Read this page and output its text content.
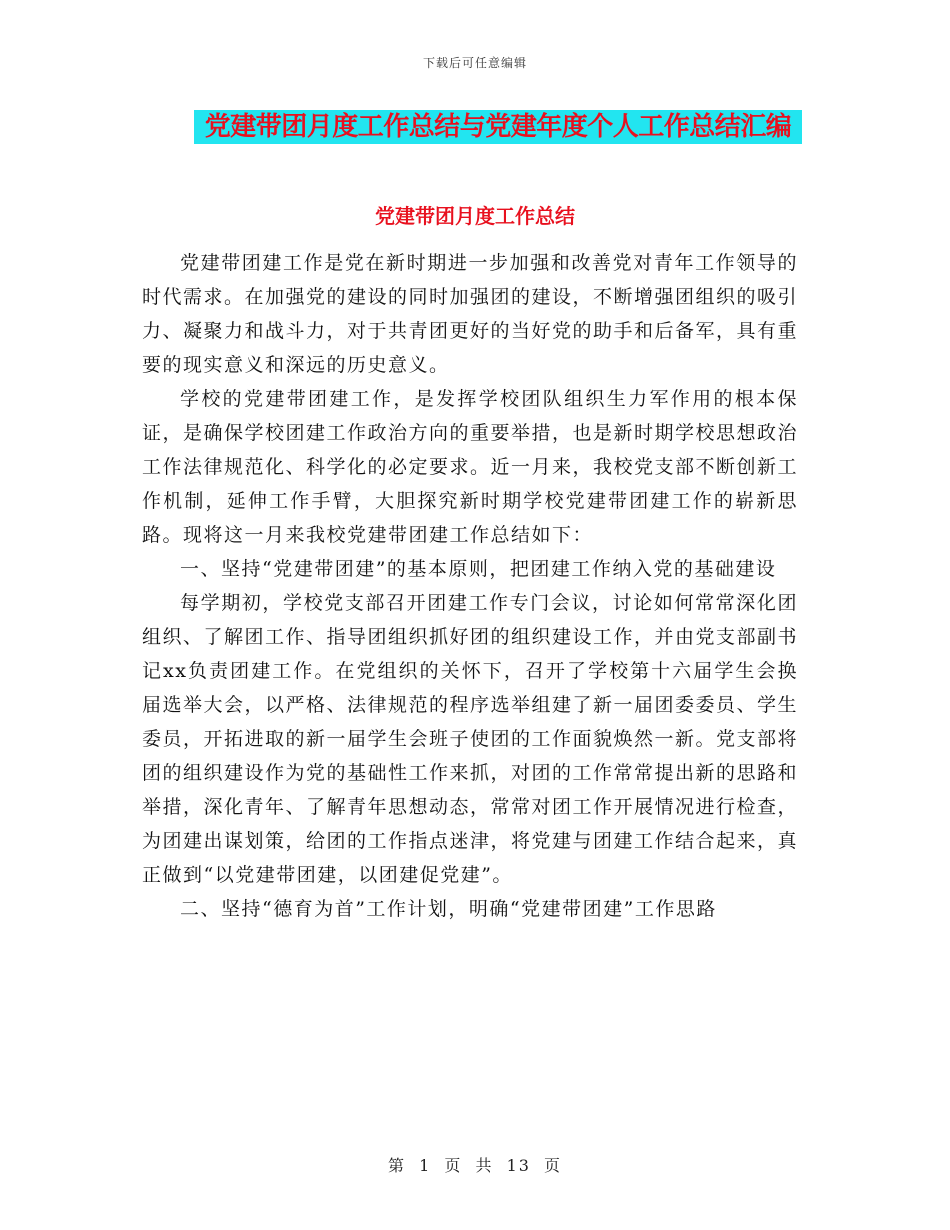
下载后可任意编辑
党建带团月度工作总结与党建年度个人工作总结汇编
党建带团月度工作总结

党建带团建工作是党在新时期进一步加强和改善党对青年工作领导的时代需求。在加强党的建设的同时加强团的建设，不断增强团组织的吸引力、凝聚力和战斗力，对于共青团更好的当好党的助手和后备军，具有重要的现实意义和深远的历史意义。

学校的党建带团建工作，是发挥学校团队组织生力军作用的根本保证，是确保学校团建工作政治方向的重要举措，也是新时期学校思想政治工作法律规范化、科学化的必定要求。近一月来，我校党支部不断创新工作机制，延伸工作手臂，大胆探究新时期学校党建带团建工作的崭新思路。现将这一月来我校党建带团建工作总结如下：

一、坚持“党建带团建”的基本原则，把团建工作纳入党的基础建设

每学期初，学校党支部召开团建工作专门会议，讨论如何常常深化团组织、了解团工作、指导团组织抓好团的组织建设工作，并由党支部副书记xx负责团建工作。在党组织的关怀下，召开了学校第十六届学生会换届选举大会，以严格、法律规范的程序选举组建了新一届团委委员、学生委员，开拓进取的新一届学生会班子使团的工作面貌焕然一新。党支部将团的组织建设作为党的基础性工作来抓，对团的工作常常提出新的思路和举措，深化青年、了解青年思想动态，常常对团工作开展情况进行检查，为团建出谋划策，给团的工作指点迷津，将党建与团建工作结合起来，真正做到“以党建带团建，以团建促党建”。

二、坚持“德育为首”工作计划，明确“党建带团建”工作思路

第 1 页 共 13 页
